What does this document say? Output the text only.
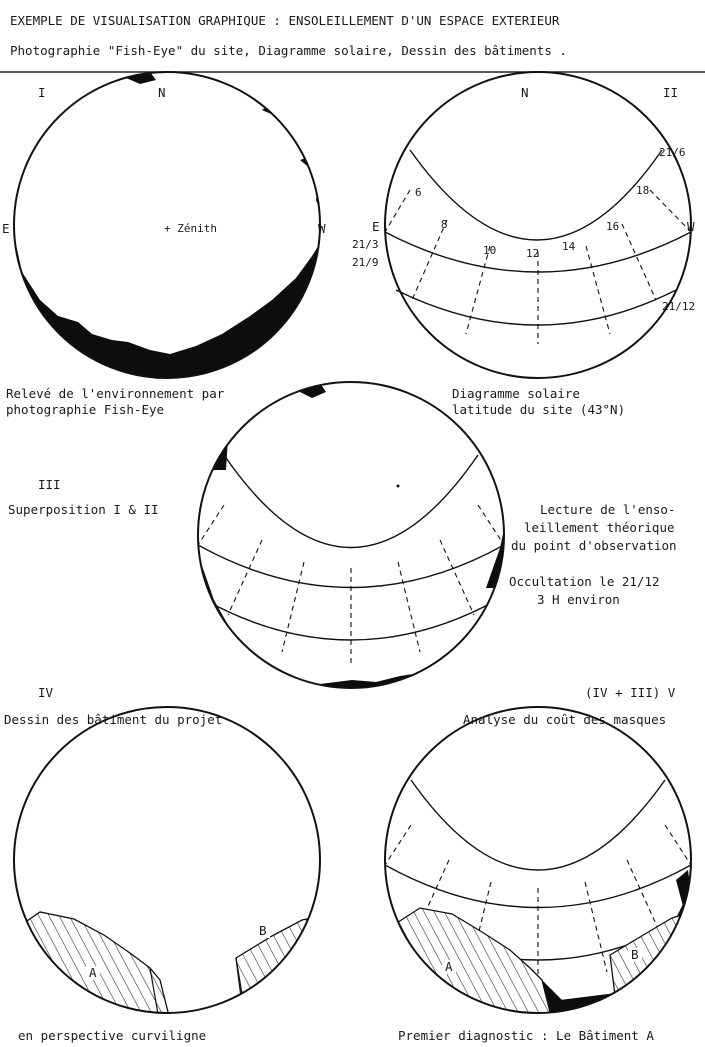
EXEMPLE DE VISUALISATION GRAPHIQUE : ENSOLEILLEMENT D'UN ESPACE EXTERIEUR
Photographie "Fish-Eye" du site, Diagramme solaire, Dessin des bâtiments .
I	N
E	W
+ Zénith
Relevé de l'environnement par
photographie Fish-Eye
II
N
E	W
21/6
21/3
21/9
21/12
6
8
10	12
14
16
18
Diagramme solaire
latitude du site (43°N)
III
Superposition I & II	Lecture de l'enso-
leillement théorique
du point d'observation
Occultation le 21/12
3 H environ
IV
Dessin des bâtiment du projet
en perspective curviligne
(IV + III) V
Analyse du coût des masques
Premier diagnostic : Le Bâtiment A
A
B
A
B
